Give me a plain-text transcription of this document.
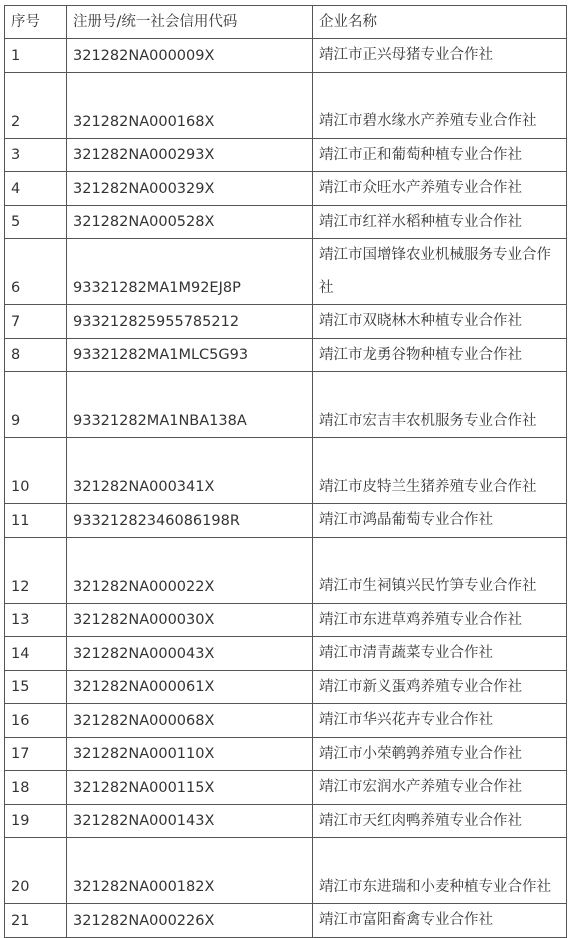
序号	注册号/统一社会信用代码	企业名称
1	321282NA000009X	靖江市正兴母猪专业合作社
2	321282NA000168X	靖江市碧水缘水产养殖专业合作社
3	321282NA000293X	靖江市正和葡萄种植专业合作社
4	321282NA000329X	靖江市众旺水产养殖专业合作社
5	321282NA000528X	靖江市红祥水稻种植专业合作社
6	93321282MA1M92EJ8P	靖江市国增锋农业机械服务专业合作社
7	933212825955785212	靖江市双晓林木种植专业合作社
8	93321282MA1MLC5G93	靖江市龙勇谷物种植专业合作社
9	93321282MA1NBA138A	靖江市宏吉丰农机服务专业合作社
10	321282NA000341X	靖江市皮特兰生猪养殖专业合作社
11	93321282346086198R	靖江市鸿晶葡萄专业合作社
12	321282NA000022X	靖江市生祠镇兴民竹笋专业合作社
13	321282NA000030X	靖江市东进草鸡养殖专业合作社
14	321282NA000043X	靖江市清青蔬菜专业合作社
15	321282NA000061X	靖江市新义蛋鸡养殖专业合作社
16	321282NA000068X	靖江市华兴花卉专业合作社
17	321282NA000110X	靖江市小荣鹌鹑养殖专业合作社
18	321282NA000115X	靖江市宏润水产养殖专业合作社
19	321282NA000143X	靖江市天红肉鸭养殖专业合作社
20	321282NA000182X	靖江市东进瑞和小麦种植专业合作社
21	321282NA000226X	靖江市富阳畜禽专业合作社
